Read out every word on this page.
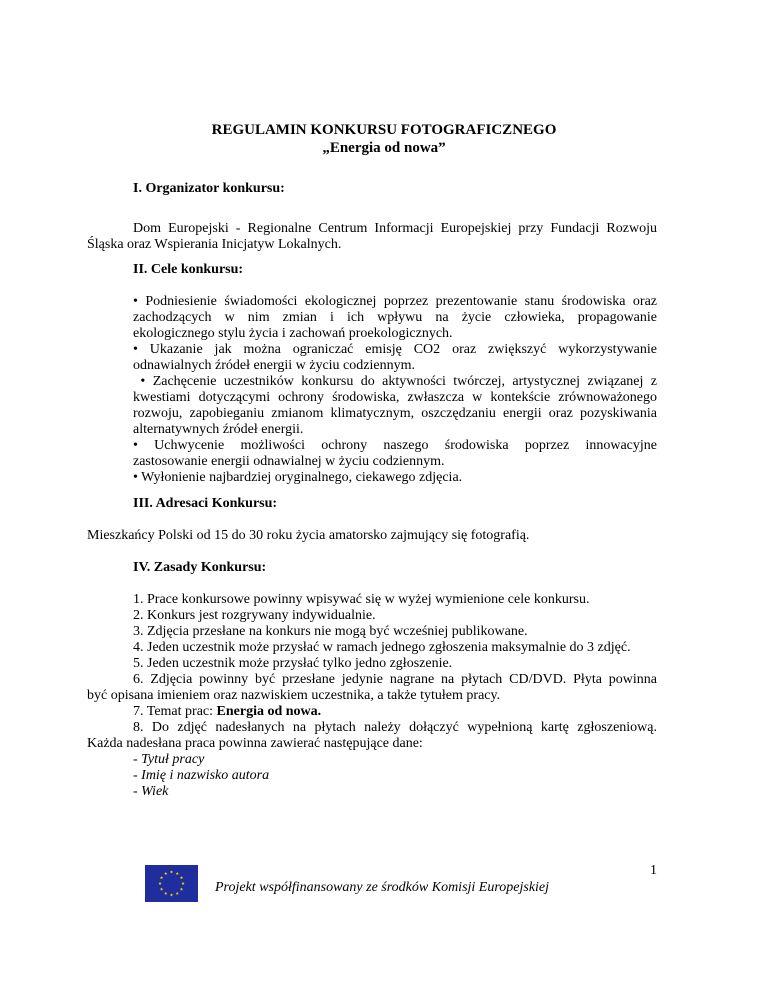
REGULAMIN KONKURSU FOTOGRAFICZNEGO
„Energia od nowa”
I. Organizator konkursu:
Dom Europejski - Regionalne Centrum Informacji Europejskiej przy Fundacji Rozwoju
Śląska oraz Wspierania Inicjatyw Lokalnych.
II. Cele konkursu:
• Podniesienie świadomości ekologicznej poprzez prezentowanie stanu środowiska oraz
zachodzących w nim zmian i ich wpływu na życie człowieka, propagowanie
ekologicznego stylu życia i zachowań proekologicznych.
• Ukazanie jak można ograniczać emisję CO2 oraz zwiększyć wykorzystywanie
odnawialnych źródeł energii w życiu codziennym.
• Zachęcenie uczestników konkursu do aktywności twórczej, artystycznej związanej z
kwestiami dotyczącymi ochrony środowiska, zwłaszcza w kontekście zrównoważonego
rozwoju, zapobieganiu zmianom klimatycznym, oszczędzaniu energii oraz pozyskiwania
alternatywnych źródeł energii.
• Uchwycenie możliwości ochrony naszego środowiska poprzez innowacyjne
zastosowanie energii odnawialnej w życiu codziennym.
• Wyłonienie najbardziej oryginalnego, ciekawego zdjęcia.
III. Adresaci Konkursu:
Mieszkańcy Polski od 15 do 30 roku życia amatorsko zajmujący się fotografią.
IV. Zasady Konkursu:
1. Prace konkursowe powinny wpisywać się w wyżej wymienione cele konkursu.
2. Konkurs jest rozgrywany indywidualnie.
3. Zdjęcia przesłane na konkurs nie mogą być wcześniej publikowane.
4. Jeden uczestnik może przysłać w ramach jednego zgłoszenia maksymalnie do 3 zdjęć.
5. Jeden uczestnik może przysłać tylko jedno zgłoszenie.
6. Zdjęcia powinny być przesłane jedynie nagrane na płytach CD/DVD. Płyta powinna
być opisana imieniem oraz nazwiskiem uczestnika, a także tytułem pracy.
7. Temat prac: Energia od nowa.
8. Do zdjęć nadesłanych na płytach należy dołączyć wypełnioną kartę zgłoszeniową.
Każda nadesłana praca powinna zawierać następujące dane:
- Tytuł pracy
- Imię i nazwisko autora
- Wiek
1
Projekt współfinansowany ze środków Komisji Europejskiej
